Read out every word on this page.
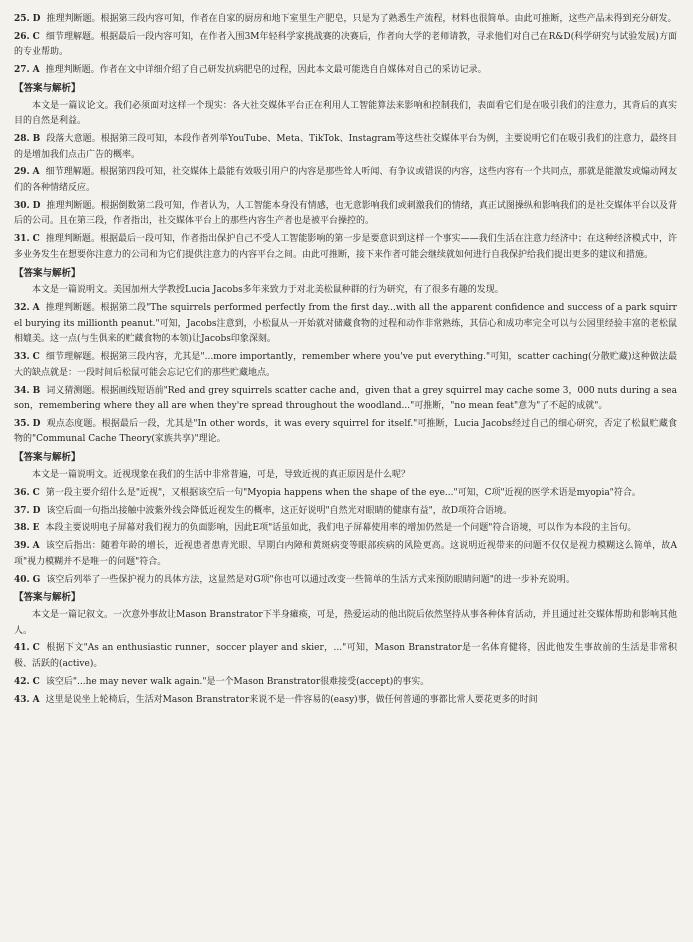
25. D 推理判断题。根据第三段内容可知，作者在自家的厨房和地下室里生产肥皂，只是为了熟悉生产流程，材料也很简单。由此可推断，这些产品未得到充分研发。

26. C 细节理解题。根据最后一段内容可知，在作者入围3M年轻科学家挑战赛的决赛后，作者向大学的老师请教，寻求他们对自己在R&D(科学研究与试验发展)方面的专业帮助。

27. A 推理判断题。作者在文中详细介绍了自己研发抗病肥皂的过程，因此本文最可能选自自媒体对自己的采访记录。

【答案与解析】

本文是一篇议论文。我们必须面对这样一个现实：各大社交媒体平台正在利用人工智能算法来影响和控制我们，表面看它们是在吸引我们的注意力，其背后的真实目的自然是利益。

28. B 段落大意题。根据第三段可知，本段作者列举YouTube、Meta、TikTok、Instagram等这些社交媒体平台为例，主要说明它们在吸引我们的注意力，最终目的是增加我们点击广告的概率。

29. A 细节理解题。根据第四段可知，社交媒体上最能有效吸引用户的内容是那些耸人听闻、有争议或错误的内容，这些内容有一个共同点，那就是能激发或煽动网友们的各种情绪反应。

30. D 推理判断题。根据倒数第二段可知，作者认为，人工智能本身没有情感，也无意影响我们或刺激我们的情绪，真正试图操纵和影响我们的是社交媒体平台以及背后的公司。且在第三段，作者指出，社交媒体平台上的那些内容生产者也是被平台操控的。

31. C 推理判断题。根据最后一段可知，作者指出保护自己不受人工智能影响的第一步是要意识到这样一个事实——我们生活在注意力经济中；在这种经济模式中，许多业务发生在想要你注意力的公司和为它们提供注意力的内容平台之间。由此可推断，接下来作者可能会继续就如何进行自我保护给我们提出更多的建议和措施。

【答案与解析】

本文是一篇说明文。美国加州大学教授Lucia Jacobs多年来致力于对北美松鼠种群的行为研究，有了很多有趣的发现。

32. A 推理判断题。根据第二段"The squirrels performed perfectly from the first day...with all the apparent confidence and success of a park squirrel burying its millionth peanut."可知，Jacobs注意到，小松鼠从一开始就对储藏食物的过程和动作非常熟练，其信心和成功率完全可以与公园里经验丰富的老松鼠相媲美。这一点(与生俱来的贮藏食物的本领)让Jacobs印象深刻。

33. C 细节理解题。根据第三段内容，尤其是"...more importantly，remember where you've put everything."可知，scatter caching(分散贮藏)这种做法最大的缺点就是：一段时间后松鼠可能会忘记它们的那些贮藏地点。

34. B 词义猜测题。根据画线短语前"Red and grey squirrels scatter cache and，given that a grey squirrel may cache some 3，000 nuts during a season，remembering where they all are when they're spread throughout the woodland..."可推断，"no mean feat"意为"了不起的成就"。

35. D 观点态度题。根据最后一段，尤其是"In other words，it was every squirrel for itself."可推断，Lucia Jacobs经过自己的细心研究，否定了松鼠贮藏食物的"Communal Cache Theory(家族共享)"理论。

【答案与解析】

本文是一篇说明文。近视现象在我们的生活中非常普遍，可是，导致近视的真正原因是什么呢？

36. C 第一段主要介绍什么是"近视"，又根据该空后一句"Myopia happens when the shape of the eye..."可知，C项"近视的医学术语是myopia"符合。

37. D 该空后面一句指出接触中波紫外线会降低近视发生的概率，这正好说明"自然光对眼睛的健康有益"，故D项符合语境。

38. E 本段主要说明电子屏幕对我们视力的负面影响，因此E项"话虽如此，我们电子屏幕使用率的增加仍然是一个问题"符合语境，可以作为本段的主旨句。

39. A 该空后指出：随着年龄的增长，近视患者患青光眼、早期白内障和黄斑病变等眼部疾病的风险更高。这说明近视带来的问题不仅仅是视力模糊这么简单，故A项"视力模糊并不是唯一的问题"符合。

40. G 该空后列举了一些保护视力的具体方法，这显然是对G项"你也可以通过改变一些简单的生活方式来预防眼睛问题"的进一步补充说明。

【答案与解析】

本文是一篇记叙文。一次意外事故让Mason Branstrator下半身瘫痪，可是，热爱运动的他出院后依然坚持从事各种体育活动，并且通过社交媒体帮助和影响其他人。

41. C 根据下文"As an enthusiastic runner，soccer player and skier，..."可知，Mason Branstrator是一名体育健将，因此他发生事故前的生活是非常积极、活跃的(active)。

42. C 该空后"...he may never walk again."是一个Mason Branstrator很难接受(accept)的事实。

43. A 这里是说坐上轮椅后，生活对Mason Branstrator来说不是一件容易的(easy)事，做任何普通的事都比常人要花更多的时间
